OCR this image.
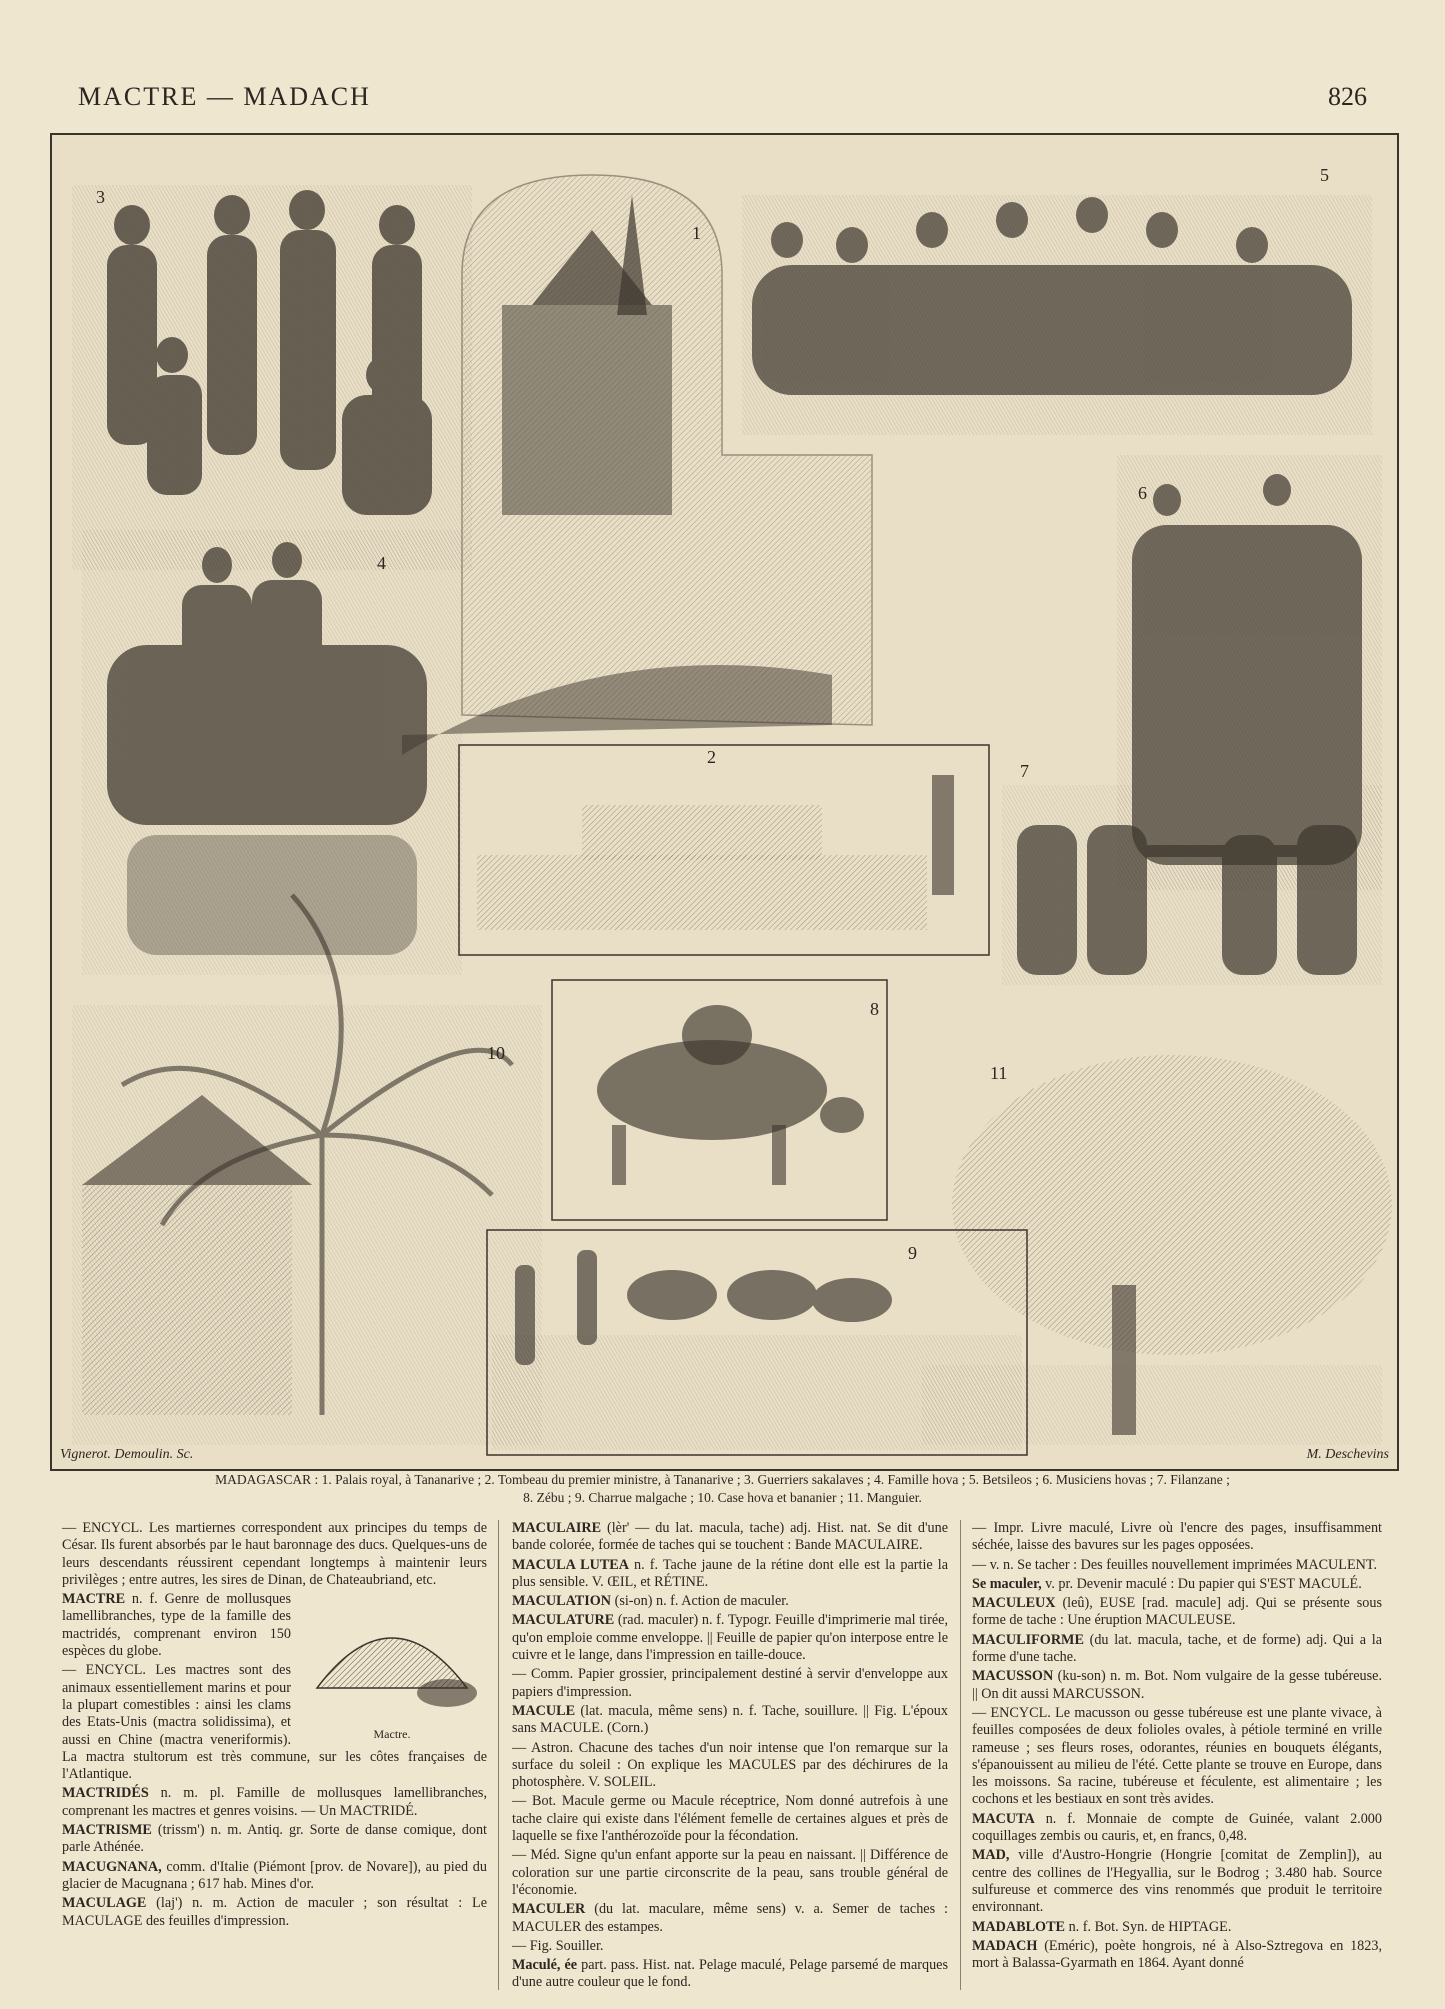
MACTRE — MADACH	826
1
2
3
4
5
6
7
8
9
10
11
Vignerot. Demoulin. Sc.	M. Deschevins
MADAGASCAR : 1. Palais royal, à Tananarive ; 2. Tombeau du premier ministre, à Tananarive ; 3. Guerriers sakalaves ; 4. Famille hova ; 5. Betsileos ; 6. Musiciens hovas ; 7. Filanzane ;
8. Zébu ; 9. Charrue malgache ; 10. Case hova et bananier ; 11. Manguier.

— ENCYCL. Les martiernes correspondent aux principes du temps de César. Ils furent absorbés par le haut baronnage des ducs. Quelques-uns de leurs descendants réussirent cependant longtemps à maintenir leurs privilèges ; entre autres, les sires de Dinan, de Chateaubriand, etc.

Mactre.

MACTRE n. f. Genre de mollusques lamellibranches, type de la famille des mactridés, comprenant environ 150 espèces du globe.

— ENCYCL. Les mactres sont des animaux essentiellement marins et pour la plupart comestibles : ainsi les clams des Etats-Unis (mactra solidissima), et aussi en Chine (mactra veneriformis). La mactra stultorum est très commune, sur les côtes françaises de l'Atlantique.

MACTRIDÉS n. m. pl. Famille de mollusques lamellibranches, comprenant les mactres et genres voisins. — Un MACTRIDÉ.

MACTRISME (trissm') n. m. Antiq. gr. Sorte de danse comique, dont parle Athénée.

MACUGNANA, comm. d'Italie (Piémont [prov. de Novare]), au pied du glacier de Macugnana ; 617 hab. Mines d'or.

MACULAGE (laj') n. m. Action de maculer ; son résultat : Le MACULAGE des feuilles d'impression.

MACULAIRE (lèr' — du lat. macula, tache) adj. Hist. nat. Se dit d'une bande colorée, formée de taches qui se touchent : Bande MACULAIRE.

MACULA LUTEA n. f. Tache jaune de la rétine dont elle est la partie la plus sensible. V. ŒIL, et RÉTINE.

MACULATION (si-on) n. f. Action de maculer.

MACULATURE (rad. maculer) n. f. Typogr. Feuille d'imprimerie mal tirée, qu'on emploie comme enveloppe. || Feuille de papier qu'on interpose entre le cuivre et le lange, dans l'impression en taille-douce.

— Comm. Papier grossier, principalement destiné à servir d'enveloppe aux papiers d'impression.

MACULE (lat. macula, même sens) n. f. Tache, souillure. || Fig. L'époux sans MACULE. (Corn.)

— Astron. Chacune des taches d'un noir intense que l'on remarque sur la surface du soleil : On explique les MACULES par des déchirures de la photosphère. V. SOLEIL.

— Bot. Macule germe ou Macule réceptrice, Nom donné autrefois à une tache claire qui existe dans l'élément femelle de certaines algues et près de laquelle se fixe l'anthérozoïde pour la fécondation.

— Méd. Signe qu'un enfant apporte sur la peau en naissant. || Différence de coloration sur une partie circonscrite de la peau, sans trouble général de l'économie.

MACULER (du lat. maculare, même sens) v. a. Semer de taches : MACULER des estampes.

— Fig. Souiller.

Maculé, ée part. pass. Hist. nat. Pelage maculé, Pelage parsemé de marques d'une autre couleur que le fond.

— Impr. Livre maculé, Livre où l'encre des pages, insuffisamment séchée, laisse des bavures sur les pages opposées.

— v. n. Se tacher : Des feuilles nouvellement imprimées MACULENT.

Se maculer, v. pr. Devenir maculé : Du papier qui S'EST MACULÉ.

MACULEUX (leû), EUSE [rad. macule] adj. Qui se présente sous forme de tache : Une éruption MACULEUSE.

MACULIFORME (du lat. macula, tache, et de forme) adj. Qui a la forme d'une tache.

MACUSSON (ku-son) n. m. Bot. Nom vulgaire de la gesse tubéreuse. || On dit aussi MARCUSSON.

— ENCYCL. Le macusson ou gesse tubéreuse est une plante vivace, à feuilles composées de deux folioles ovales, à pétiole terminé en vrille rameuse ; ses fleurs roses, odorantes, réunies en bouquets élégants, s'épanouissent au milieu de l'été. Cette plante se trouve en Europe, dans les moissons. Sa racine, tubéreuse et féculente, est alimentaire ; les cochons et les bestiaux en sont très avides.

MACUTA n. f. Monnaie de compte de Guinée, valant 2.000 coquillages zembis ou cauris, et, en francs, 0,48.

MAD, ville d'Austro-Hongrie (Hongrie [comitat de Zemplin]), au centre des collines de l'Hegyallia, sur le Bodrog ; 3.480 hab. Source sulfureuse et commerce des vins renommés que produit le territoire environnant.

MADABLOTE n. f. Bot. Syn. de HIPTAGE.

MADACH (Eméric), poète hongrois, né à Also-Sztregova en 1823, mort à Balassa-Gyarmath en 1864. Ayant donné
